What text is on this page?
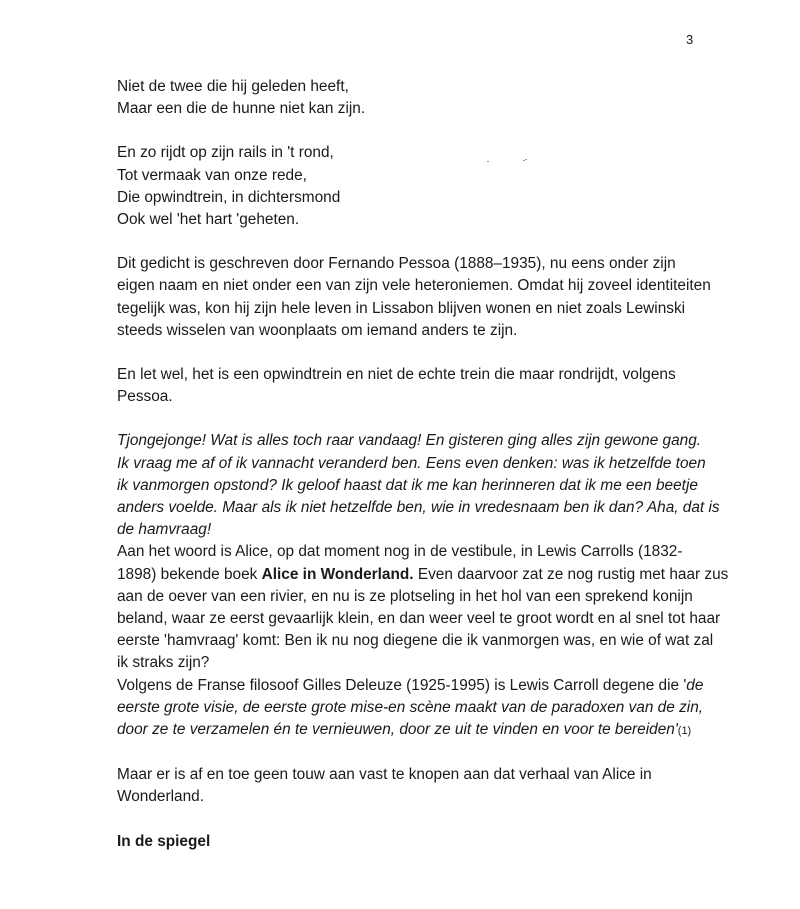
3
Niet de twee die hij geleden heeft,
Maar een die de hunne niet kan zijn.
En zo rijdt op zijn rails in 't rond,
Tot vermaak van onze rede,
Die opwindtrein, in dichtersmond
Ook wel 'het hart 'geheten.
Dit gedicht is geschreven door Fernando Pessoa (1888–1935), nu eens onder zijn
eigen naam en niet onder een van zijn vele heteroniemen. Omdat hij zoveel identiteiten
tegelijk was, kon hij zijn hele leven in Lissabon blijven wonen en niet zoals Lewinski
steeds wisselen van woonplaats om iemand anders te zijn.
En let wel, het is een opwindtrein en niet de echte trein die maar rondrijdt, volgens
Pessoa.
Tjongejonge! Wat is alles toch raar vandaag! En gisteren ging alles zijn gewone gang.
Ik vraag me af of ik vannacht veranderd ben. Eens even denken: was ik hetzelfde toen
ik vanmorgen opstond? Ik geloof haast dat ik me kan herinneren dat ik me een beetje
anders voelde. Maar als ik niet hetzelfde ben, wie in vredesnaam ben ik dan? Aha, dat is
de hamvraag!
Aan het woord is Alice, op dat moment nog in de vestibule, in Lewis Carrolls (1832-
1898) bekende boek Alice in Wonderland. Even daarvoor zat ze nog rustig met haar zus
aan de oever van een rivier, en nu is ze plotseling in het hol van een sprekend konijn
beland, waar ze eerst gevaarlijk klein, en dan weer veel te groot wordt en al snel tot haar
eerste 'hamvraag' komt: Ben ik nu nog diegene die ik vanmorgen was, en wie of wat zal
ik straks zijn?
Volgens de Franse filosoof Gilles Deleuze (1925-1995) is Lewis Carroll degene die 'de
eerste grote visie, de eerste grote mise-en scène maakt van de paradoxen van de zin,
door ze te verzamelen én te vernieuwen, door ze uit te vinden en voor te bereiden'(1)
Maar er is af en toe geen touw aan vast te knopen aan dat verhaal van Alice in
Wonderland.
In de spiegel
